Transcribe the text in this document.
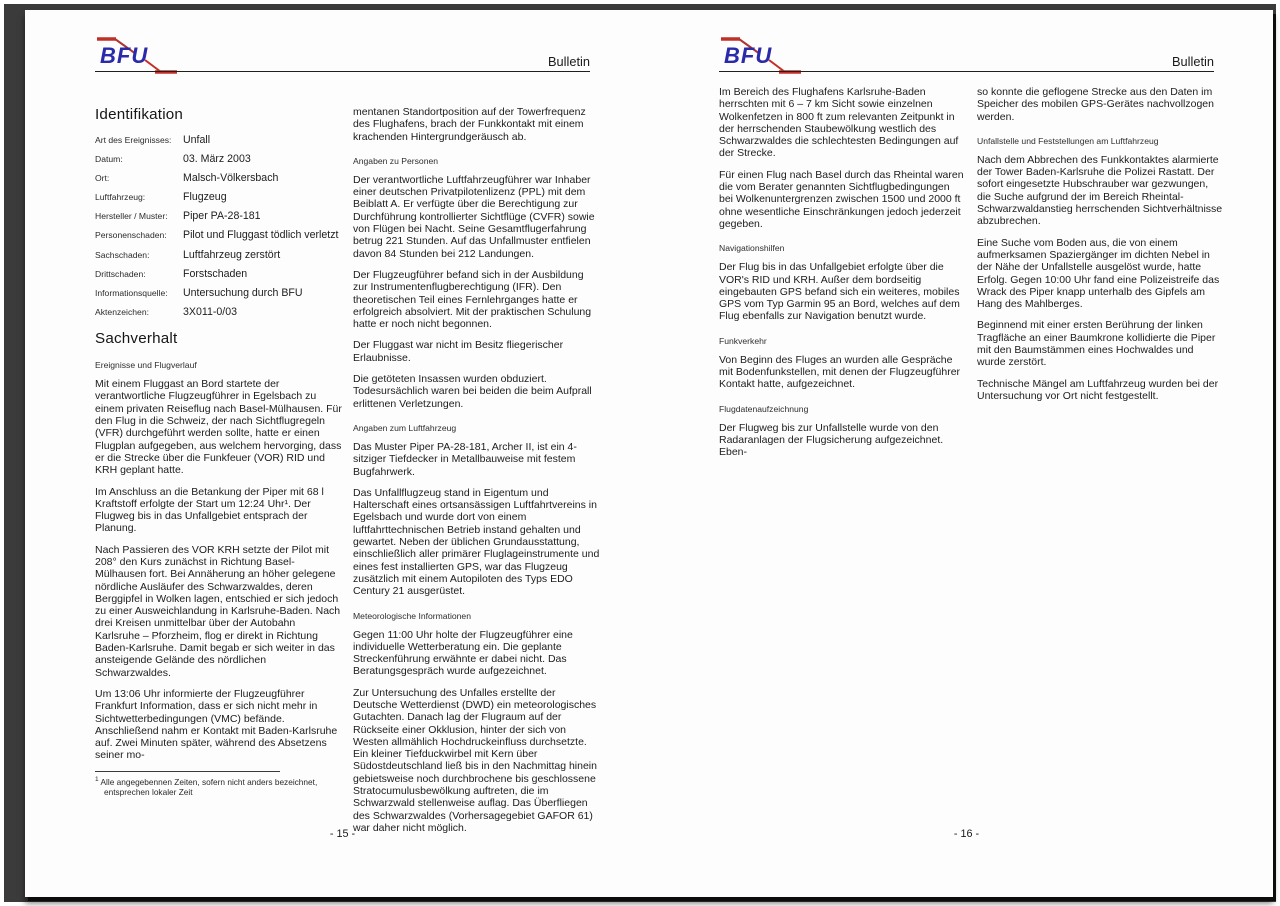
BFU	Bulletin
Identifikation
Art des Ereignisses:	Unfall
Datum:	03. März 2003
Ort:	Malsch-Völkersbach
Luftfahrzeug:	Flugzeug
Hersteller / Muster:	Piper PA-28-181
Personenschaden:	Pilot und Fluggast tödlich verletzt
Sachschaden:	Luftfahrzeug zerstört
Drittschaden:	Forstschaden
Informationsquelle:	Untersuchung durch BFU
Aktenzeichen:	3X011-0/03
Sachverhalt
Ereignisse und Flugverlauf

Mit einem Fluggast an Bord startete der verantwortliche Flugzeugführer in Egelsbach zu einem privaten Reiseflug nach Basel-Mülhausen. Für den Flug in die Schweiz, der nach Sichtflugregeln (VFR) durchgeführt werden sollte, hatte er einen Flugplan aufgegeben, aus welchem hervorging, dass er die Strecke über die Funkfeuer (VOR) RID und KRH geplant hatte.

Im Anschluss an die Betankung der Piper mit 68 l Kraftstoff erfolgte der Start um 12:24 Uhr¹. Der Flugweg bis in das Unfallgebiet entsprach der Planung.

Nach Passieren des VOR KRH setzte der Pilot mit 208° den Kurs zunächst in Richtung Basel-Mülhausen fort. Bei Annäherung an höher gelegene nördliche Ausläufer des Schwarzwaldes, deren Berggipfel in Wolken lagen, entschied er sich jedoch zu einer Ausweichlandung in Karlsruhe-Baden. Nach drei Kreisen unmittelbar über der Autobahn Karlsruhe – Pforzheim, flog er direkt in Richtung Baden-Karlsruhe. Damit begab er sich weiter in das ansteigende Gelände des nördlichen Schwarzwaldes.

Um 13:06 Uhr informierte der Flugzeugführer Frankfurt Information, dass er sich nicht mehr in Sichtwetterbedingungen (VMC) befände. Anschließend nahm er Kontakt mit Baden-Karlsruhe auf. Zwei Minuten später, während des Absetzens seiner mo-

$^1$ Alle angegebennen Zeiten, sofern nicht anders bezeichnet, entsprechen lokaler Zeit

mentanen Standortposition auf der Towerfrequenz des Flughafens, brach der Funkkontakt mit einem krachenden Hintergrundgeräusch ab.

Angaben zu Personen

Der verantwortliche Luftfahrzeugführer war Inhaber einer deutschen Privatpilotenlizenz (PPL) mit dem Beiblatt A. Er verfügte über die Berechtigung zur Durchführung kontrollierter Sichtflüge (CVFR) sowie von Flügen bei Nacht. Seine Gesamtflugerfahrung betrug 221 Stunden. Auf das Unfallmuster entfielen davon 84 Stunden bei 212 Landungen.

Der Flugzeugführer befand sich in der Ausbildung zur Instrumentenflugberechtigung (IFR). Den theoretischen Teil eines Fernlehrganges hatte er erfolgreich absolviert. Mit der praktischen Schulung hatte er noch nicht begonnen.

Der Fluggast war nicht im Besitz fliegerischer Erlaubnisse.

Die getöteten Insassen wurden obduziert. Todesursächlich waren bei beiden die beim Aufprall erlittenen Verletzungen.

Angaben zum Luftfahrzeug

Das Muster Piper PA-28-181, Archer II, ist ein 4-sitziger Tiefdecker in Metallbauweise mit festem Bugfahrwerk.

Das Unfallflugzeug stand in Eigentum und Halterschaft eines ortsansässigen Luftfahrtvereins in Egelsbach und wurde dort von einem luftfahrttechnischen Betrieb instand gehalten und gewartet. Neben der üblichen Grundausstattung, einschließlich aller primärer Fluglageinstrumente und eines fest installierten GPS, war das Flugzeug zusätzlich mit einem Autopiloten des Typs EDO Century 21 ausgerüstet.

Meteorologische Informationen

Gegen 11:00 Uhr holte der Flugzeugführer eine individuelle Wetterberatung ein. Die geplante Streckenführung erwähnte er dabei nicht. Das Beratungsgespräch wurde aufgezeichnet.

Zur Untersuchung des Unfalles erstellte der Deutsche Wetterdienst (DWD) ein meteorologisches Gutachten. Danach lag der Flugraum auf der Rückseite einer Okklusion, hinter der sich von Westen allmählich Hochdruckeinfluss durchsetzte. Ein kleiner Tiefduckwirbel mit Kern über Südostdeutschland ließ bis in den Nachmittag hinein gebietsweise noch durchbrochene bis geschlossene Stratocumulusbewölkung auftreten, die im Schwarzwald stellenweise auflag. Das Überfliegen des Schwarzwaldes (Vorhersagegebiet GAFOR 61) war daher nicht möglich.

- 15 -
BFU	Bulletin

Im Bereich des Flughafens Karlsruhe-Baden herrschten mit 6 – 7 km Sicht sowie einzelnen Wolkenfetzen in 800 ft zum relevanten Zeitpunkt in der herrschenden Staubewölkung westlich des Schwarzwaldes die schlechtesten Bedingungen auf der Strecke.

Für einen Flug nach Basel durch das Rheintal waren die vom Berater genannten Sichtflugbedingungen bei Wolkenuntergrenzen zwischen 1500 und 2000 ft ohne wesentliche Einschränkungen jedoch jederzeit gegeben.

Navigationshilfen

Der Flug bis in das Unfallgebiet erfolgte über die VOR's RID und KRH. Außer dem bordseitig eingebauten GPS befand sich ein weiteres, mobiles GPS vom Typ Garmin 95 an Bord, welches auf dem Flug ebenfalls zur Navigation benutzt wurde.

Funkverkehr

Von Beginn des Fluges an wurden alle Gespräche mit Bodenfunkstellen, mit denen der Flugzeugführer Kontakt hatte, aufgezeichnet.

Flugdatenaufzeichnung

Der Flugweg bis zur Unfallstelle wurde von den Radaranlagen der Flugsicherung aufgezeichnet. Eben-

so konnte die geflogene Strecke aus den Daten im Speicher des mobilen GPS-Gerätes nachvollzogen werden.

Unfallstelle und Feststellungen am Luftfahrzeug

Nach dem Abbrechen des Funkkontaktes alarmierte der Tower Baden-Karlsruhe die Polizei Rastatt. Der sofort eingesetzte Hubschrauber war gezwungen, die Suche aufgrund der im Bereich Rheintal-Schwarzwaldanstieg herrschenden Sichtverhältnisse abzubrechen.

Eine Suche vom Boden aus, die von einem aufmerksamen Spaziergänger im dichten Nebel in der Nähe der Unfallstelle ausgelöst wurde, hatte Erfolg. Gegen 10:00 Uhr fand eine Polizeistreife das Wrack des Piper knapp unterhalb des Gipfels am Hang des Mahlberges.

Beginnend mit einer ersten Berührung der linken Tragfläche an einer Baumkrone kollidierte die Piper mit den Baumstämmen eines Hochwaldes und wurde zerstört.

Technische Mängel am Luftfahrzeug wurden bei der Untersuchung vor Ort nicht festgestellt.

- 16 -
